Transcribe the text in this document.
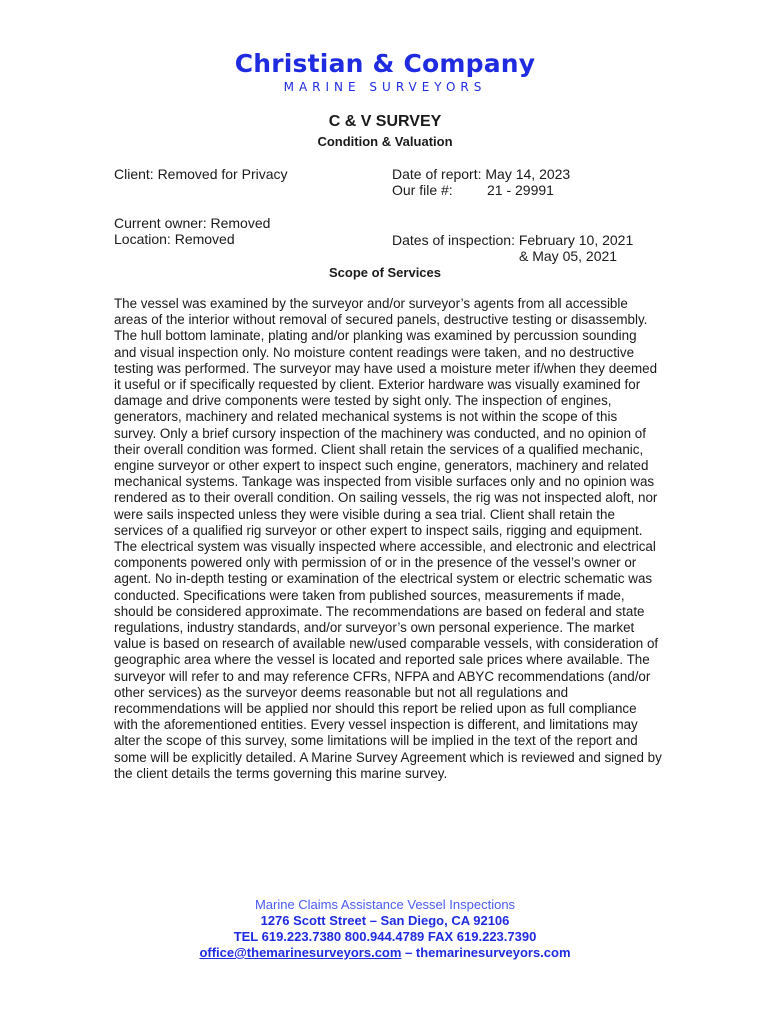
Christian & Company
MARINE SURVEYORS
C & V SURVEY
Condition & Valuation
Client: Removed for Privacy	Date of report: May 14, 2023
Our file #: 21 - 29991
Current owner: Removed
Location: Removed	Dates of inspection: February 10, 2021
& May 05, 2021
Scope of Services
The vessel was examined by the surveyor and/or surveyor’s agents from all accessible areas of the interior without removal of secured panels, destructive testing or disassembly. The hull bottom laminate, plating and/or planking was examined by percussion sounding and visual inspection only. No moisture content readings were taken, and no destructive testing was performed. The surveyor may have used a moisture meter if/when they deemed it useful or if specifically requested by client. Exterior hardware was visually examined for damage and drive components were tested by sight only. The inspection of engines, generators, machinery and related mechanical systems is not within the scope of this survey. Only a brief cursory inspection of the machinery was conducted, and no opinion of their overall condition was formed. Client shall retain the services of a qualified mechanic, engine surveyor or other expert to inspect such engine, generators, machinery and related mechanical systems. Tankage was inspected from visible surfaces only and no opinion was rendered as to their overall condition. On sailing vessels, the rig was not inspected aloft, nor were sails inspected unless they were visible during a sea trial. Client shall retain the services of a qualified rig surveyor or other expert to inspect sails, rigging and equipment. The electrical system was visually inspected where accessible, and electronic and electrical components powered only with permission of or in the presence of the vessel’s owner or agent. No in-depth testing or examination of the electrical system or electric schematic was conducted. Specifications were taken from published sources, measurements if made, should be considered approximate. The recommendations are based on federal and state regulations, industry standards, and/or surveyor’s own personal experience. The market value is based on research of available new/used comparable vessels, with consideration of geographic area where the vessel is located and reported sale prices where available. The surveyor will refer to and may reference CFRs, NFPA and ABYC recommendations (and/or other services) as the surveyor deems reasonable but not all regulations and recommendations will be applied nor should this report be relied upon as full compliance with the aforementioned entities. Every vessel inspection is different, and limitations may alter the scope of this survey, some limitations will be implied in the text of the report and some will be explicitly detailed. A Marine Survey Agreement which is reviewed and signed by the client details the terms governing this marine survey.
Marine Claims Assistance Vessel Inspections
1276 Scott Street – San Diego, CA 92106
TEL 619.223.7380 800.944.4789 FAX 619.223.7390
office@themarinesurveyors.com – themarinesurveyors.com
